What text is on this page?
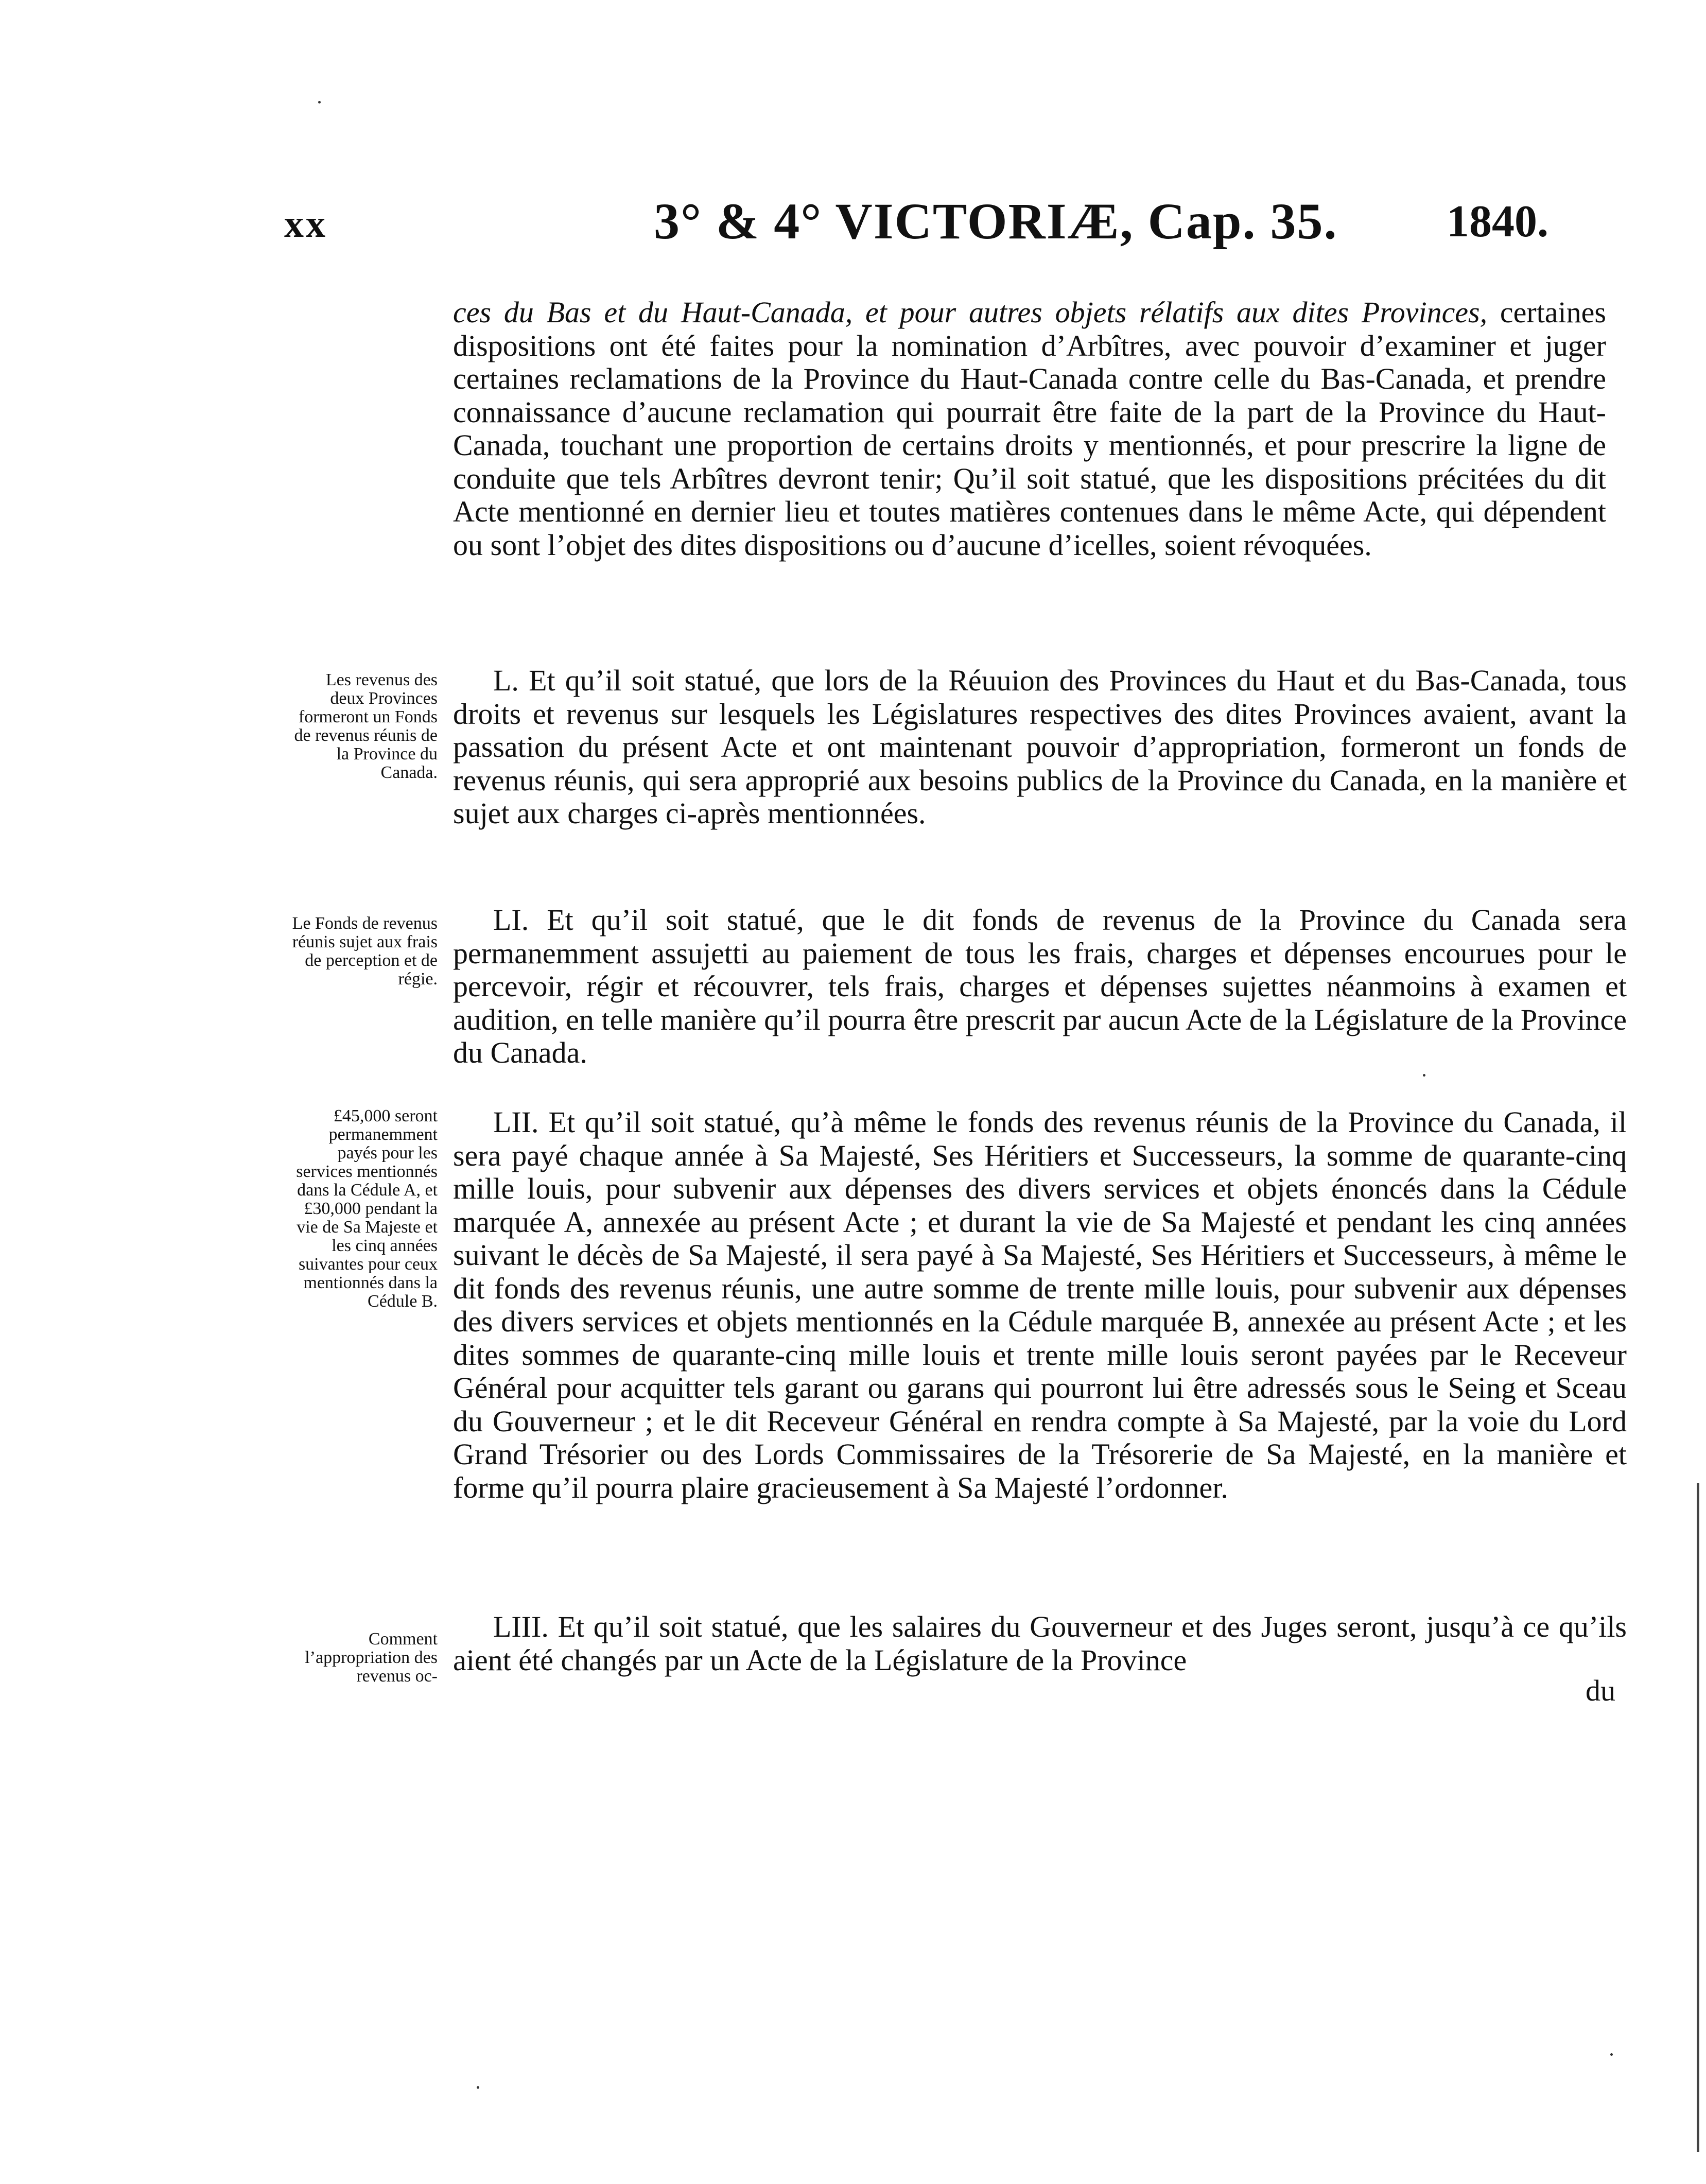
xx	3° & 4° VICTORIÆ, Cap. 35. 1840.

ces du Bas et du Haut-Canada, et pour autres objets rélatifs aux dites Provinces, certaines dispositions ont été faites pour la nomination d’Arbîtres, avec pouvoir d’examiner et juger certaines reclamations de la Province du Haut-Canada contre celle du Bas-Canada, et prendre connaissance d’aucune reclamation qui pourrait être faite de la part de la Province du Haut-Canada, touchant une proportion de certains droits y mentionnés, et pour prescrire la ligne de conduite que tels Arbîtres devront tenir; Qu’il soit statué, que les dispositions précitées du dit Acte mentionné en dernier lieu et toutes matières contenues dans le même Acte, qui dépendent ou sont l’objet des dites dispositions ou d’aucune d’icelles, soient révoquées.

Les revenus des deux Provinces formeront un Fonds de revenus réunis de la Province du Canada.
L. Et qu’il soit statué, que lors de la Réuuion des Provinces du Haut et du Bas-Canada, tous droits et revenus sur lesquels les Législatures respectives des dites Provinces avaient, avant la passation du présent Acte et ont maintenant pouvoir d’appropriation, formeront un fonds de revenus réunis, qui sera approprié aux besoins publics de la Province du Canada, en la manière et sujet aux charges ci-après mentionnées.
Le Fonds de revenus réunis sujet aux frais de perception et de régie.
LI. Et qu’il soit statué, que le dit fonds de revenus de la Province du Canada sera permanemment assujetti au paiement de tous les frais, charges et dépenses encourues pour le percevoir, régir et récouvrer, tels frais, charges et dépenses sujettes néanmoins à examen et audition, en telle manière qu’il pourra être prescrit par aucun Acte de la Législature de la Province du Canada.
£45,000 seront permanemment payés pour les services mentionnés dans la Cédule A, et £30,000 pendant la vie de Sa Majeste et les cinq années suivantes pour ceux mentionnés dans la Cédule B.
LII. Et qu’il soit statué, qu’à même le fonds des revenus réunis de la Province du Canada, il sera payé chaque année à Sa Majesté, Ses Héritiers et Successeurs, la somme de quarante-cinq mille louis, pour subvenir aux dépenses des divers services et objets énoncés dans la Cédule marquée A, annexée au présent Acte ; et durant la vie de Sa Majesté et pendant les cinq années suivant le décès de Sa Majesté, il sera payé à Sa Majesté, Ses Héritiers et Successeurs, à même le dit fonds des revenus réunis, une autre somme de trente mille louis, pour subvenir aux dépenses des divers services et objets mentionnés en la Cédule marquée B, annexée au présent Acte ; et les dites sommes de quarante-cinq mille louis et trente mille louis seront payées par le Receveur Général pour acquitter tels garant ou garans qui pourront lui être adressés sous le Seing et Sceau du Gouverneur ; et le dit Receveur Général en rendra compte à Sa Majesté, par la voie du Lord Grand Trésorier ou des Lords Commissaires de la Trésorerie de Sa Majesté, en la manière et forme qu’il pourra plaire gracieusement à Sa Majesté l’ordonner.
Comment l’appropriation des revenus oc-
LIII. Et qu’il soit statué, que les salaires du Gouverneur et des Juges seront, jusqu’à ce qu’ils aient été changés par un Acte de la Législature de la Province
du
